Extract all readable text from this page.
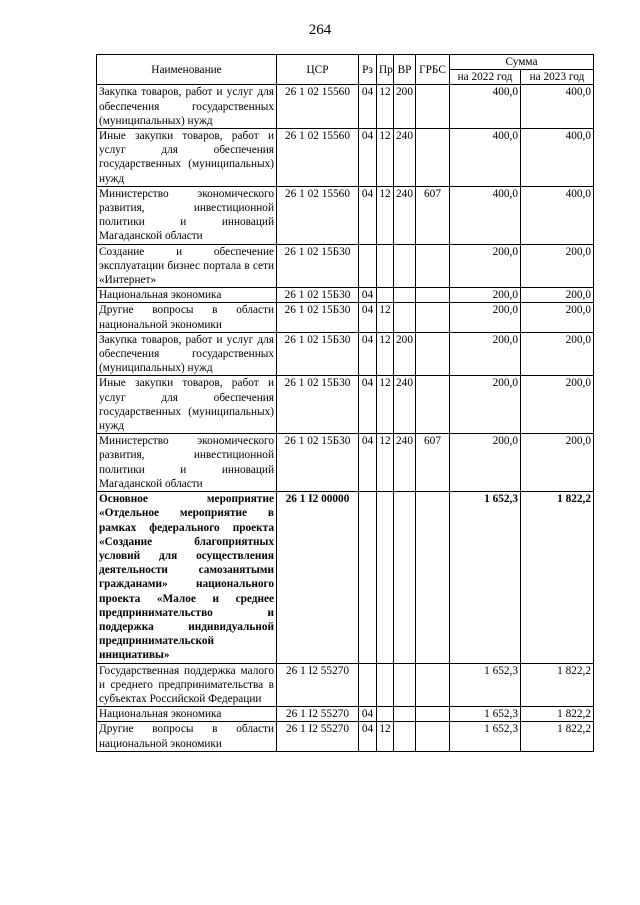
264
Наименование	ЦСР	Рз	Пр	ВР	ГРБС	Сумма	
						на 2022 год	на 2023 год
Закупка товаров, работ и услуг для обеспечения государственных (муниципальных) нужд	26 1 02 15560	04	12	200		400,0	400,0
Иные закупки товаров, работ и услуг для обеспечения государственных (муниципальных) нужд	26 1 02 15560	04	12	240		400,0	400,0
Министерство экономического развития, инвестиционной политики и инноваций Магаданской области	26 1 02 15560	04	12	240	607	400,0	400,0
Создание и обеспечение эксплуатации бизнес портала в сети «Интернет»	26 1 02 15Б30					200,0	200,0
Национальная экономика	26 1 02 15Б30	04				200,0	200,0
Другие вопросы в области национальной экономики	26 1 02 15Б30	04	12			200,0	200,0
Закупка товаров, работ и услуг для обеспечения государственных (муниципальных) нужд	26 1 02 15Б30	04	12	200		200,0	200,0
Иные закупки товаров, работ и услуг для обеспечения государственных (муниципальных) нужд	26 1 02 15Б30	04	12	240		200,0	200,0
Министерство экономического развития, инвестиционной политики и инноваций Магаданской области	26 1 02 15Б30	04	12	240	607	200,0	200,0
Основное мероприятие «Отдельное мероприятие в рамках федерального проекта «Создание благоприятных условий для осуществления деятельности самозанятыми гражданами» национального проекта «Малое и среднее предпринимательство и поддержка индивидуальной предпринимательской инициативы»	26 1 I2 00000					1 652,3	1 822,2
Государственная поддержка малого и среднего предпринимательства в субъектах Российской Федерации	26 1 I2 55270					1 652,3	1 822,2
Национальная экономика	26 1 I2 55270	04				1 652,3	1 822,2
Другие вопросы в области национальной экономики	26 1 I2 55270	04	12			1 652,3	1 822,2
